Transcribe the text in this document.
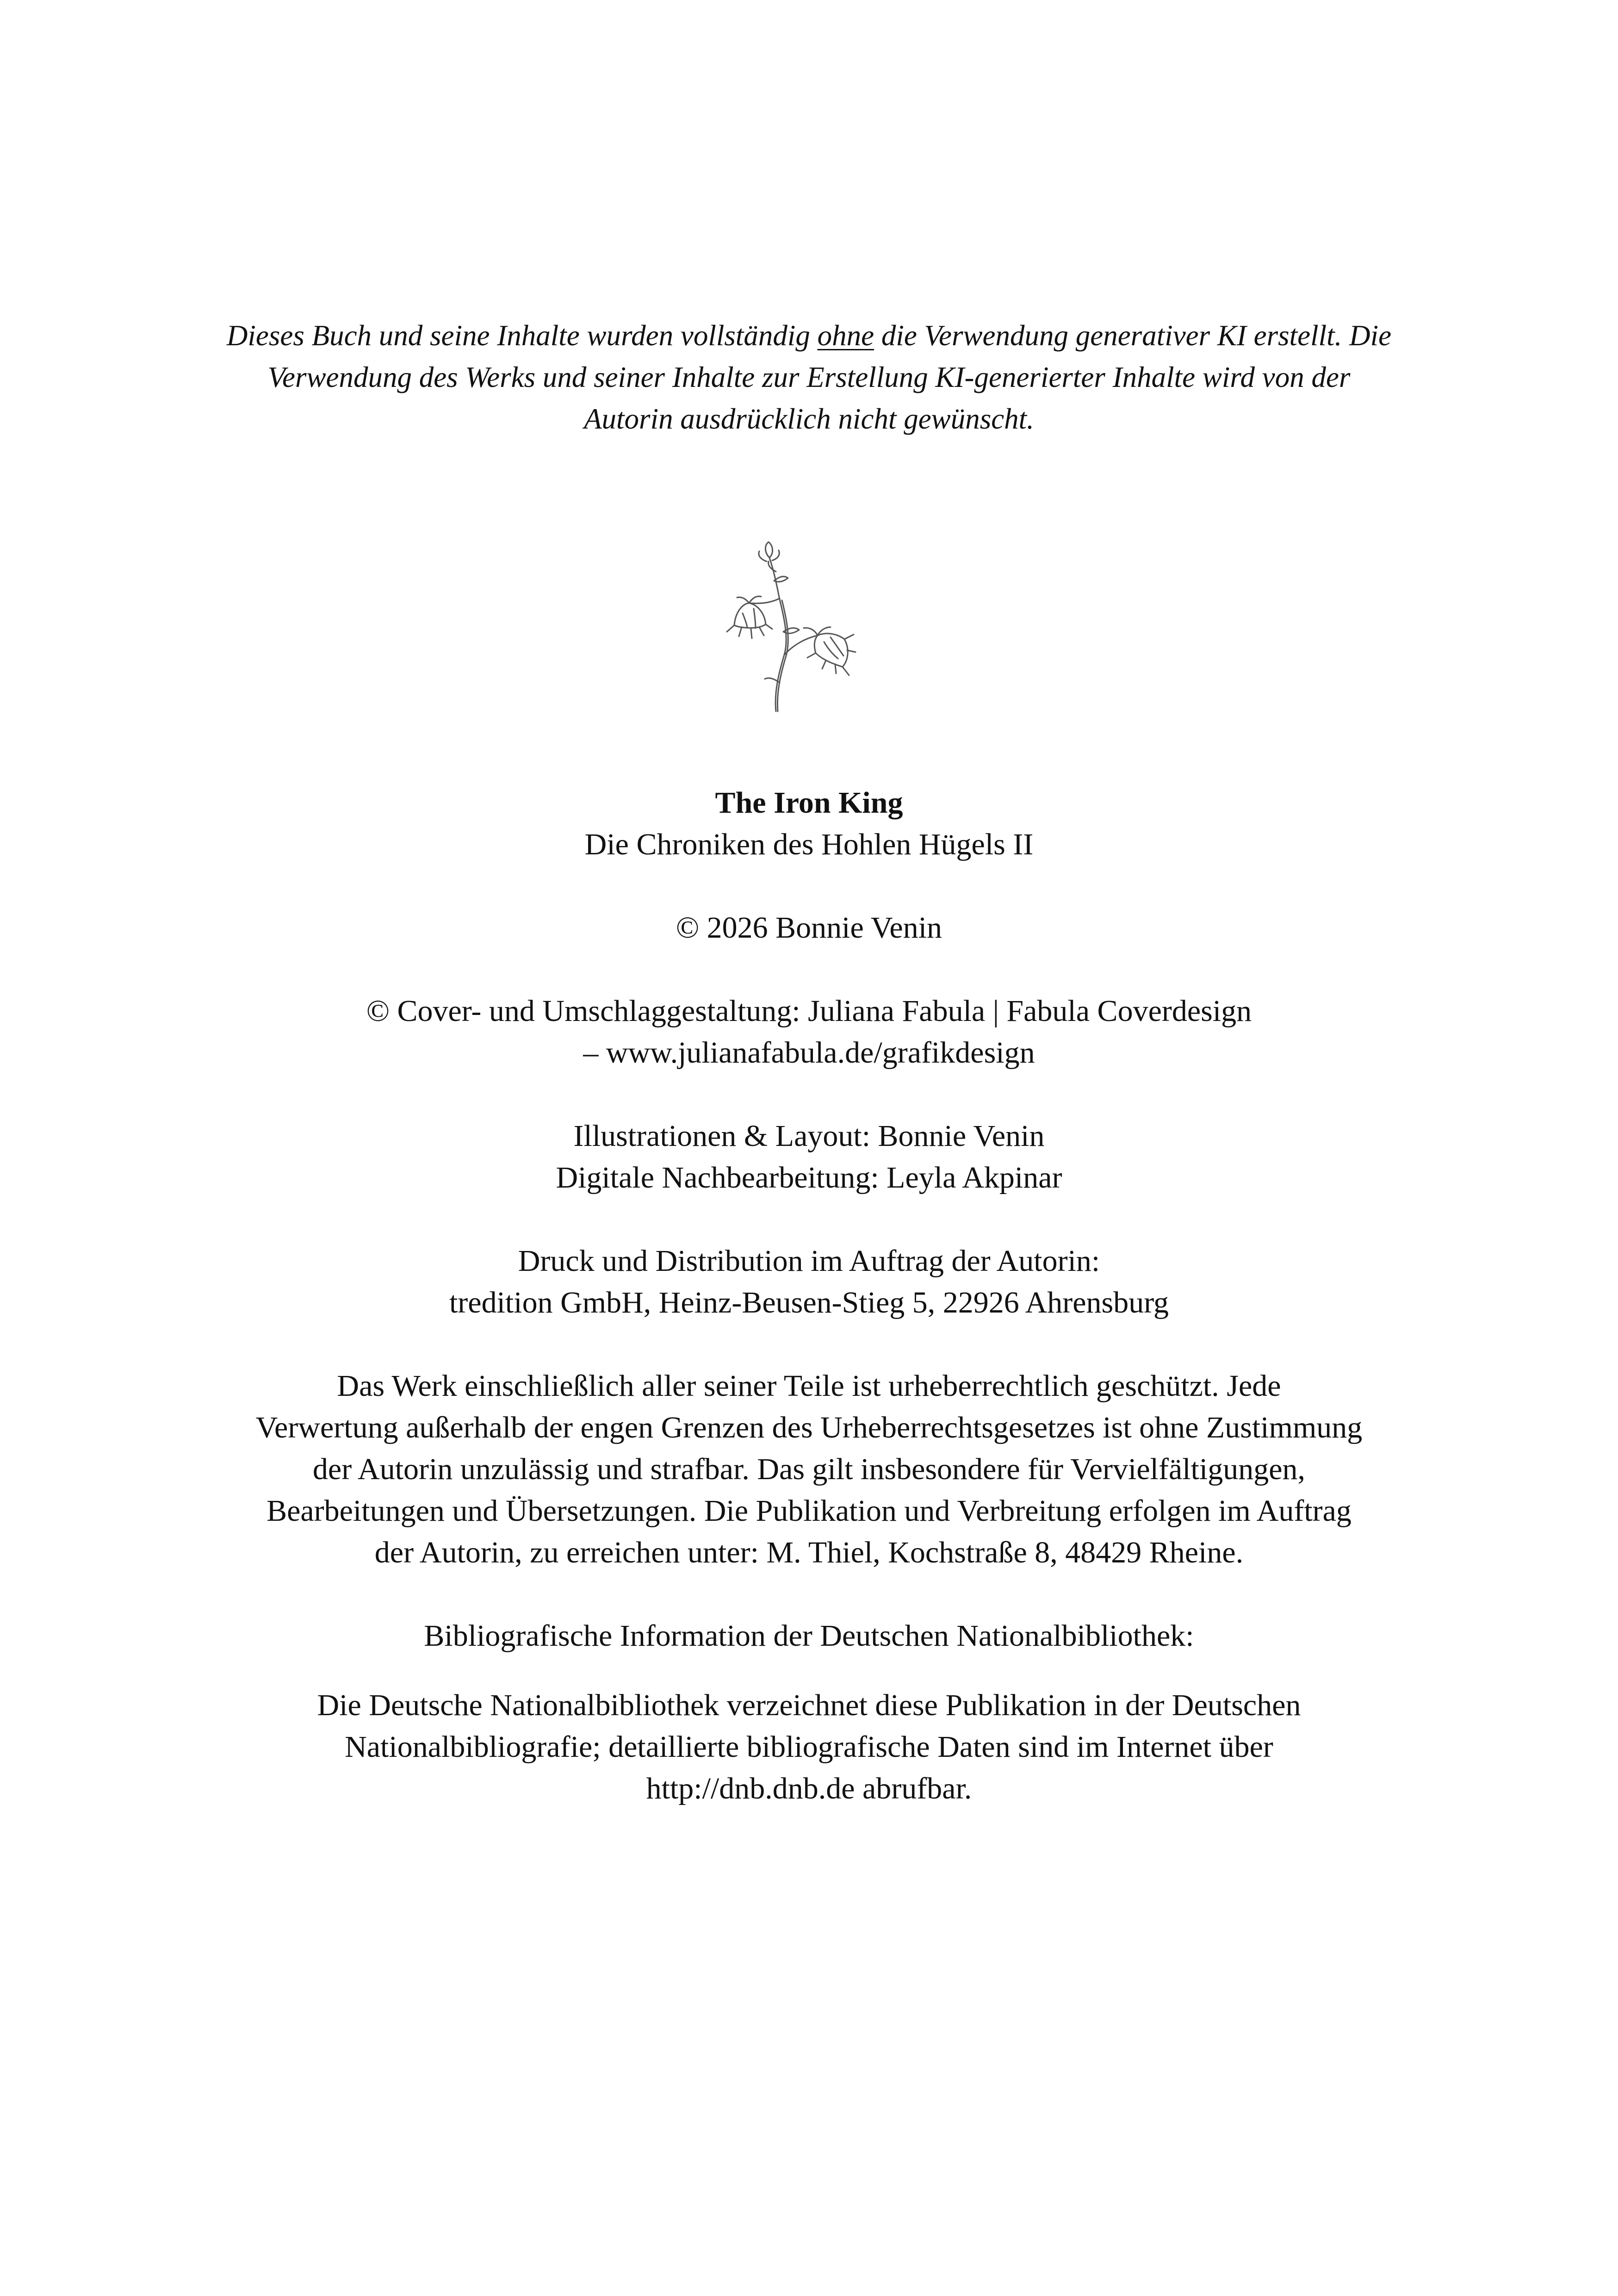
Dieses Buch und seine Inhalte wurden vollständig ohne die Verwendung generativer KI erstellt. Die
Verwendung des Werks und seiner Inhalte zur Erstellung KI-generierter Inhalte wird von der
Autorin ausdrücklich nicht gewünscht.
The Iron King
Die Chroniken des Hohlen Hügels II
© 2026 Bonnie Venin
© Cover- und Umschlaggestaltung: Juliana Fabula | Fabula Coverdesign
– www.julianafabula.de/grafikdesign
Illustrationen & Layout: Bonnie Venin
Digitale Nachbearbeitung: Leyla Akpinar
Druck und Distribution im Auftrag der Autorin:
tredition GmbH, Heinz-Beusen-Stieg 5, 22926 Ahrensburg
Das Werk einschließlich aller seiner Teile ist urheberrechtlich geschützt. Jede
Verwertung außerhalb der engen Grenzen des Urheberrechtsgesetzes ist ohne Zustimmung
der Autorin unzulässig und strafbar. Das gilt insbesondere für Vervielfältigungen,
Bearbeitungen und Übersetzungen. Die Publikation und Verbreitung erfolgen im Auftrag
der Autorin, zu erreichen unter: M. Thiel, Kochstraße 8, 48429 Rheine.
Bibliografische Information der Deutschen Nationalbibliothek:
Die Deutsche Nationalbibliothek verzeichnet diese Publikation in der Deutschen
Nationalbibliografie; detaillierte bibliografische Daten sind im Internet über
http://dnb.dnb.de abrufbar.
